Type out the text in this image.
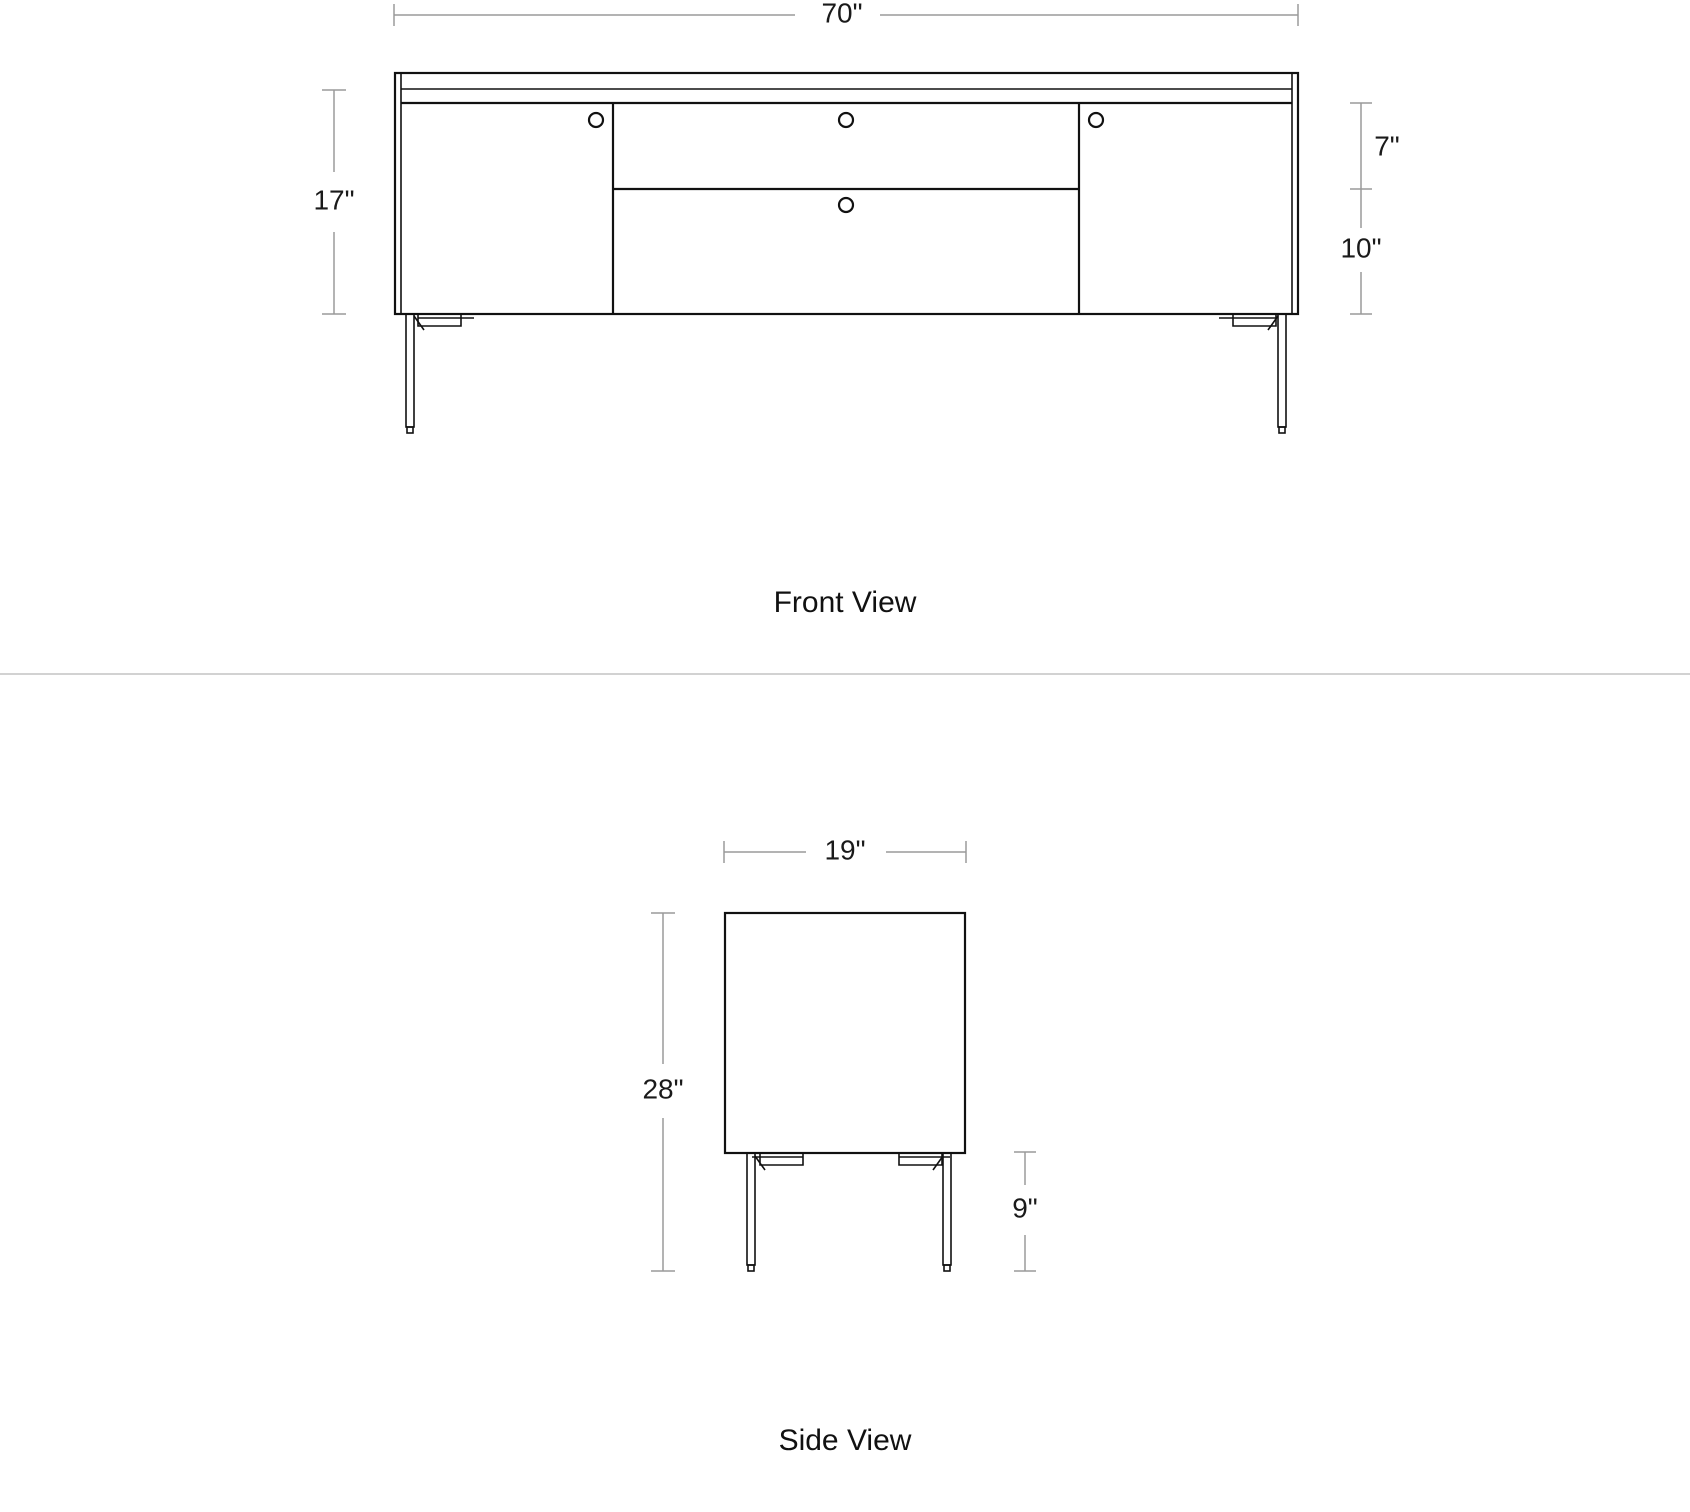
70"
17"
7"
10"
Front View
19"
28"
9"
Side View
